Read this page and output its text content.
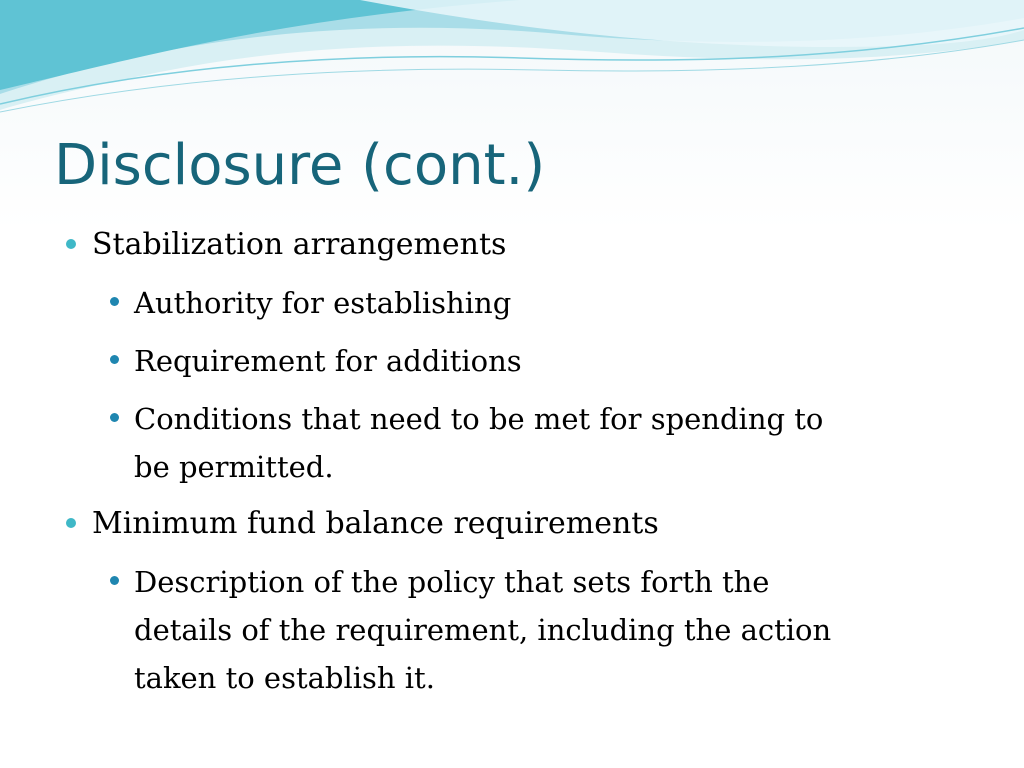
Disclosure (cont.)

Stabilization arrangements

Authority for establishing

Requirement for additions

Conditions that need to be met for spending to

be permitted.

Minimum fund balance requirements

Description of the policy that sets forth the

details of the requirement, including the action

taken to establish it.
